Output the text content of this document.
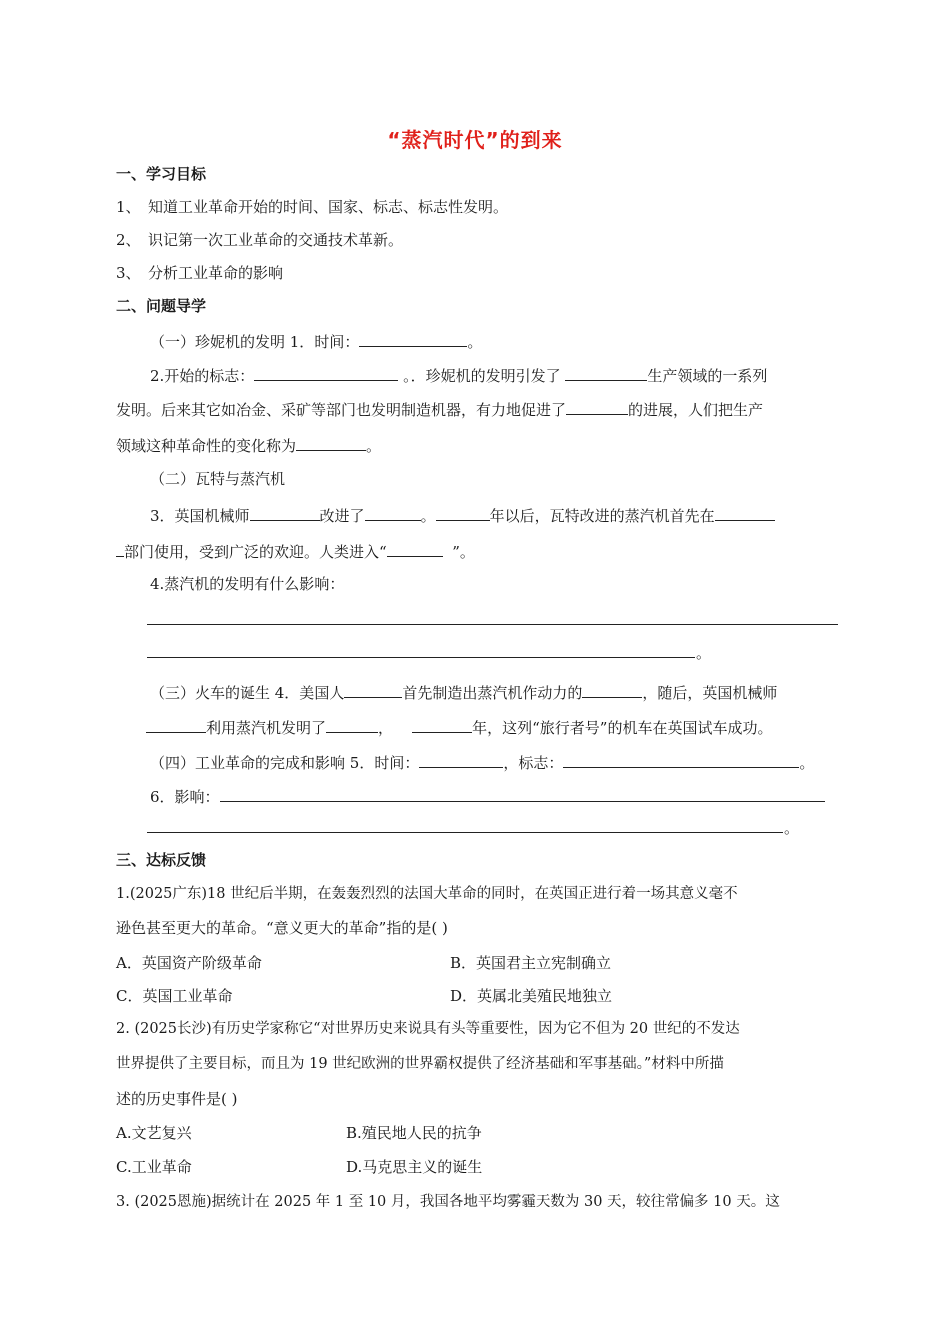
“蒸汽时代”的到来
一、学习目标
1、 知道工业革命开始的时间、国家、标志、标志性发明。
2、 识记第一次工业革命的交通技术革新。
3、 分析工业革命的影响
二、问题导学
（一）珍妮机的发明 1．时间：	。
2.开始的标志：	。．珍妮机的发明引发了	生产领域的一系列
发明。后来其它如冶金、采矿等部门也发明制造机器，有力地促进了	的进展，人们把生产
领域这种革命性的变化称为	。
（二）瓦特与蒸汽机
3．英国机械师	改进了	。	年以后，瓦特改进的蒸汽机首先在
部门使用，受到广泛的欢迎。人类进入“	”。
4.蒸汽机的发明有什么影响：
。
（三）火车的诞生 4．美国人	首先制造出蒸汽机作动力的	，随后，英国机械师
利用蒸汽机发明了	，	年，这列“旅行者号”的机车在英国试车成功。
（四）工业革命的完成和影响 5．时间：	，标志：	。
6．影响：
。
三、达标反馈
1.(2025广东)18 世纪后半期，在轰轰烈烈的法国大革命的同时，在英国正进行着一场其意义毫不
逊色甚至更大的革命。“意义更大的革命”指的是( )
A．英国资产阶级革命	B．英国君主立宪制确立
C．英国工业革命	D．英属北美殖民地独立
2. (2025长沙)有历史学家称它“对世界历史来说具有头等重要性，因为它不但为 20 世纪的不发达
世界提供了主要目标，而且为 19 世纪欧洲的世界霸权提供了经济基础和军事基础。”材料中所描
述的历史事件是( )
A.文艺复兴	B.殖民地人民的抗争
C.工业革命	D.马克思主义的诞生
3. (2025恩施)据统计在 2025 年 1 至 10 月，我国各地平均雾霾天数为 30 天，较往常偏多 10 天。这
